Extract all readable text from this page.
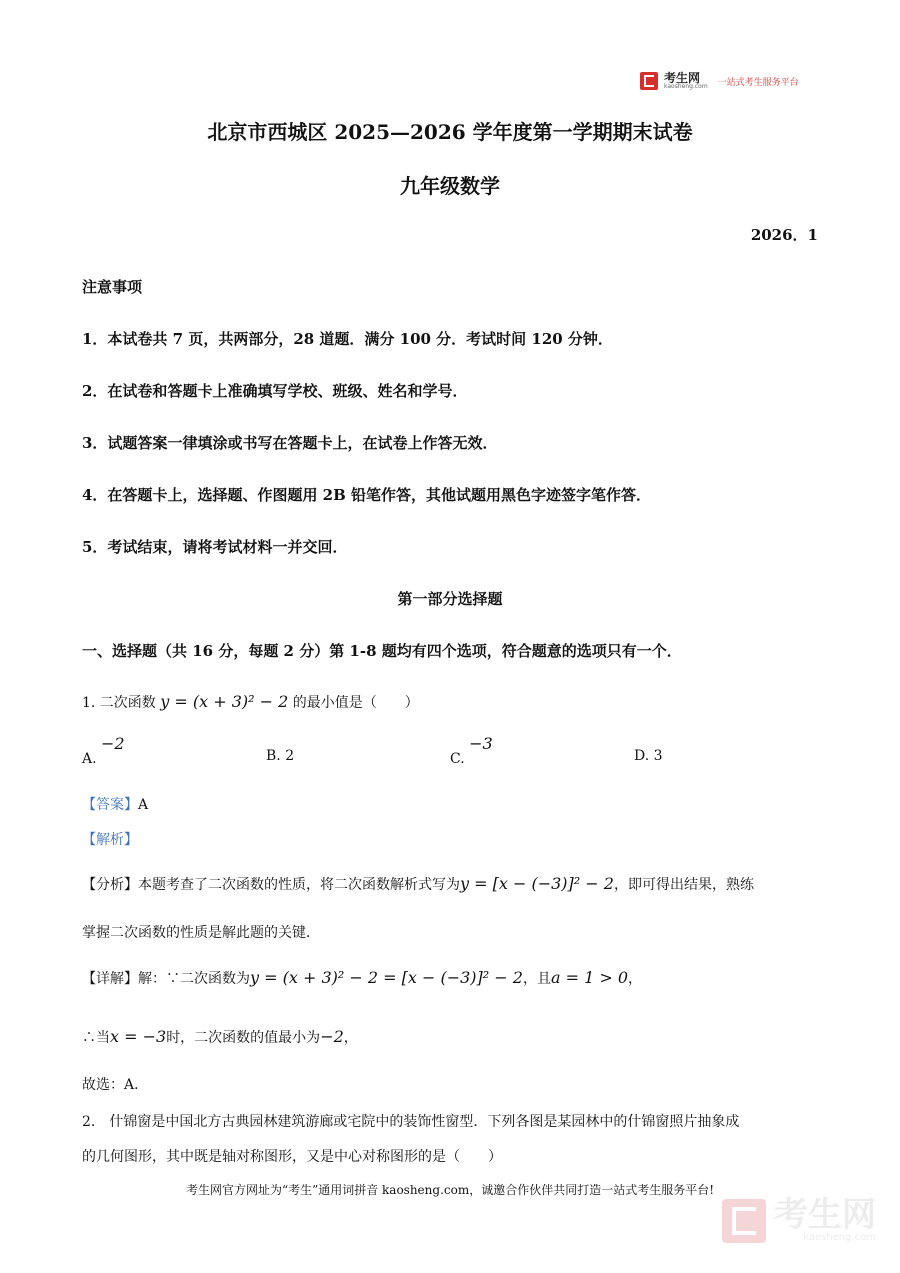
考生网
kaosheng.com 一站式考生服务平台
北京市西城区 2025—2026 学年度第一学期期末试卷
九年级数学
2026．1
注意事项
1．本试卷共 7 页，共两部分，28 道题．满分 100 分．考试时间 120 分钟．
2．在试卷和答题卡上准确填写学校、班级、姓名和学号．
3．试题答案一律填涂或书写在答题卡上，在试卷上作答无效．
4．在答题卡上，选择题、作图题用 2B 铅笔作答，其他试题用黑色字迹签字笔作答．
5．考试结束，请将考试材料一并交回．
第一部分选择题
一、选择题（共 16 分，每题 2 分）第 1-8 题均有四个选项，符合题意的选项只有一个．
1. 二次函数 y = (x + 3)² − 2 的最小值是（　　）
A. −2
B. 2	C. −3
D. 3
【答案】A
【解析】
【分析】本题考查了二次函数的性质，将二次函数解析式写为y = [x − (−3)]² − 2，即可得出结果，熟练
掌握二次函数的性质是解此题的关键．
【详解】解：∵二次函数为y = (x + 3)² − 2 = [x − (−3)]² − 2，且a = 1 > 0，
∴当x = −3时，二次函数的值最小为−2，
故选：A．
2.　什锦窗是中国北方古典园林建筑游廊或宅院中的装饰性窗型．下列各图是某园林中的什锦窗照片抽象成
的几何图形，其中既是轴对称图形，又是中心对称图形的是（　　）
考生网官方网址为“考生”通用词拼音 kaosheng.com，诚邀合作伙伴共同打造一站式考生服务平台!
考生网
kaosheng.com
